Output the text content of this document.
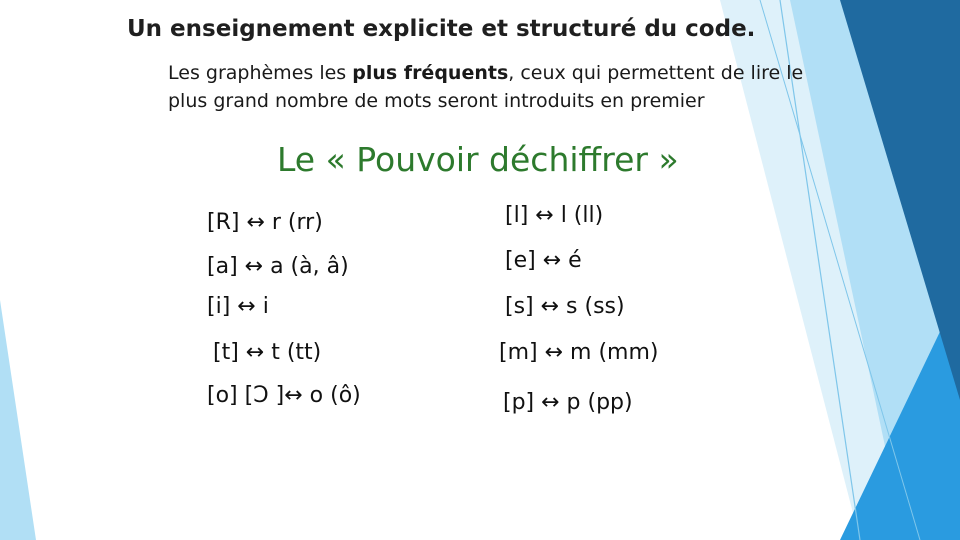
Un enseignement explicite et structuré du code.
Les graphèmes les plus fréquents, ceux qui permettent de lire le plus grand nombre de mots seront introduits en premier
Le « Pouvoir déchiffrer »
[R] ↔ r (rr)
[a] ↔ a (à, â)
[i] ↔ i
[t] ↔ t (tt)
[o] [Ↄ ]↔ o (ô)
[l] ↔ l (ll)
[e] ↔ é
[s] ↔ s (ss)
[m] ↔ m (mm)
[p] ↔ p (pp)
